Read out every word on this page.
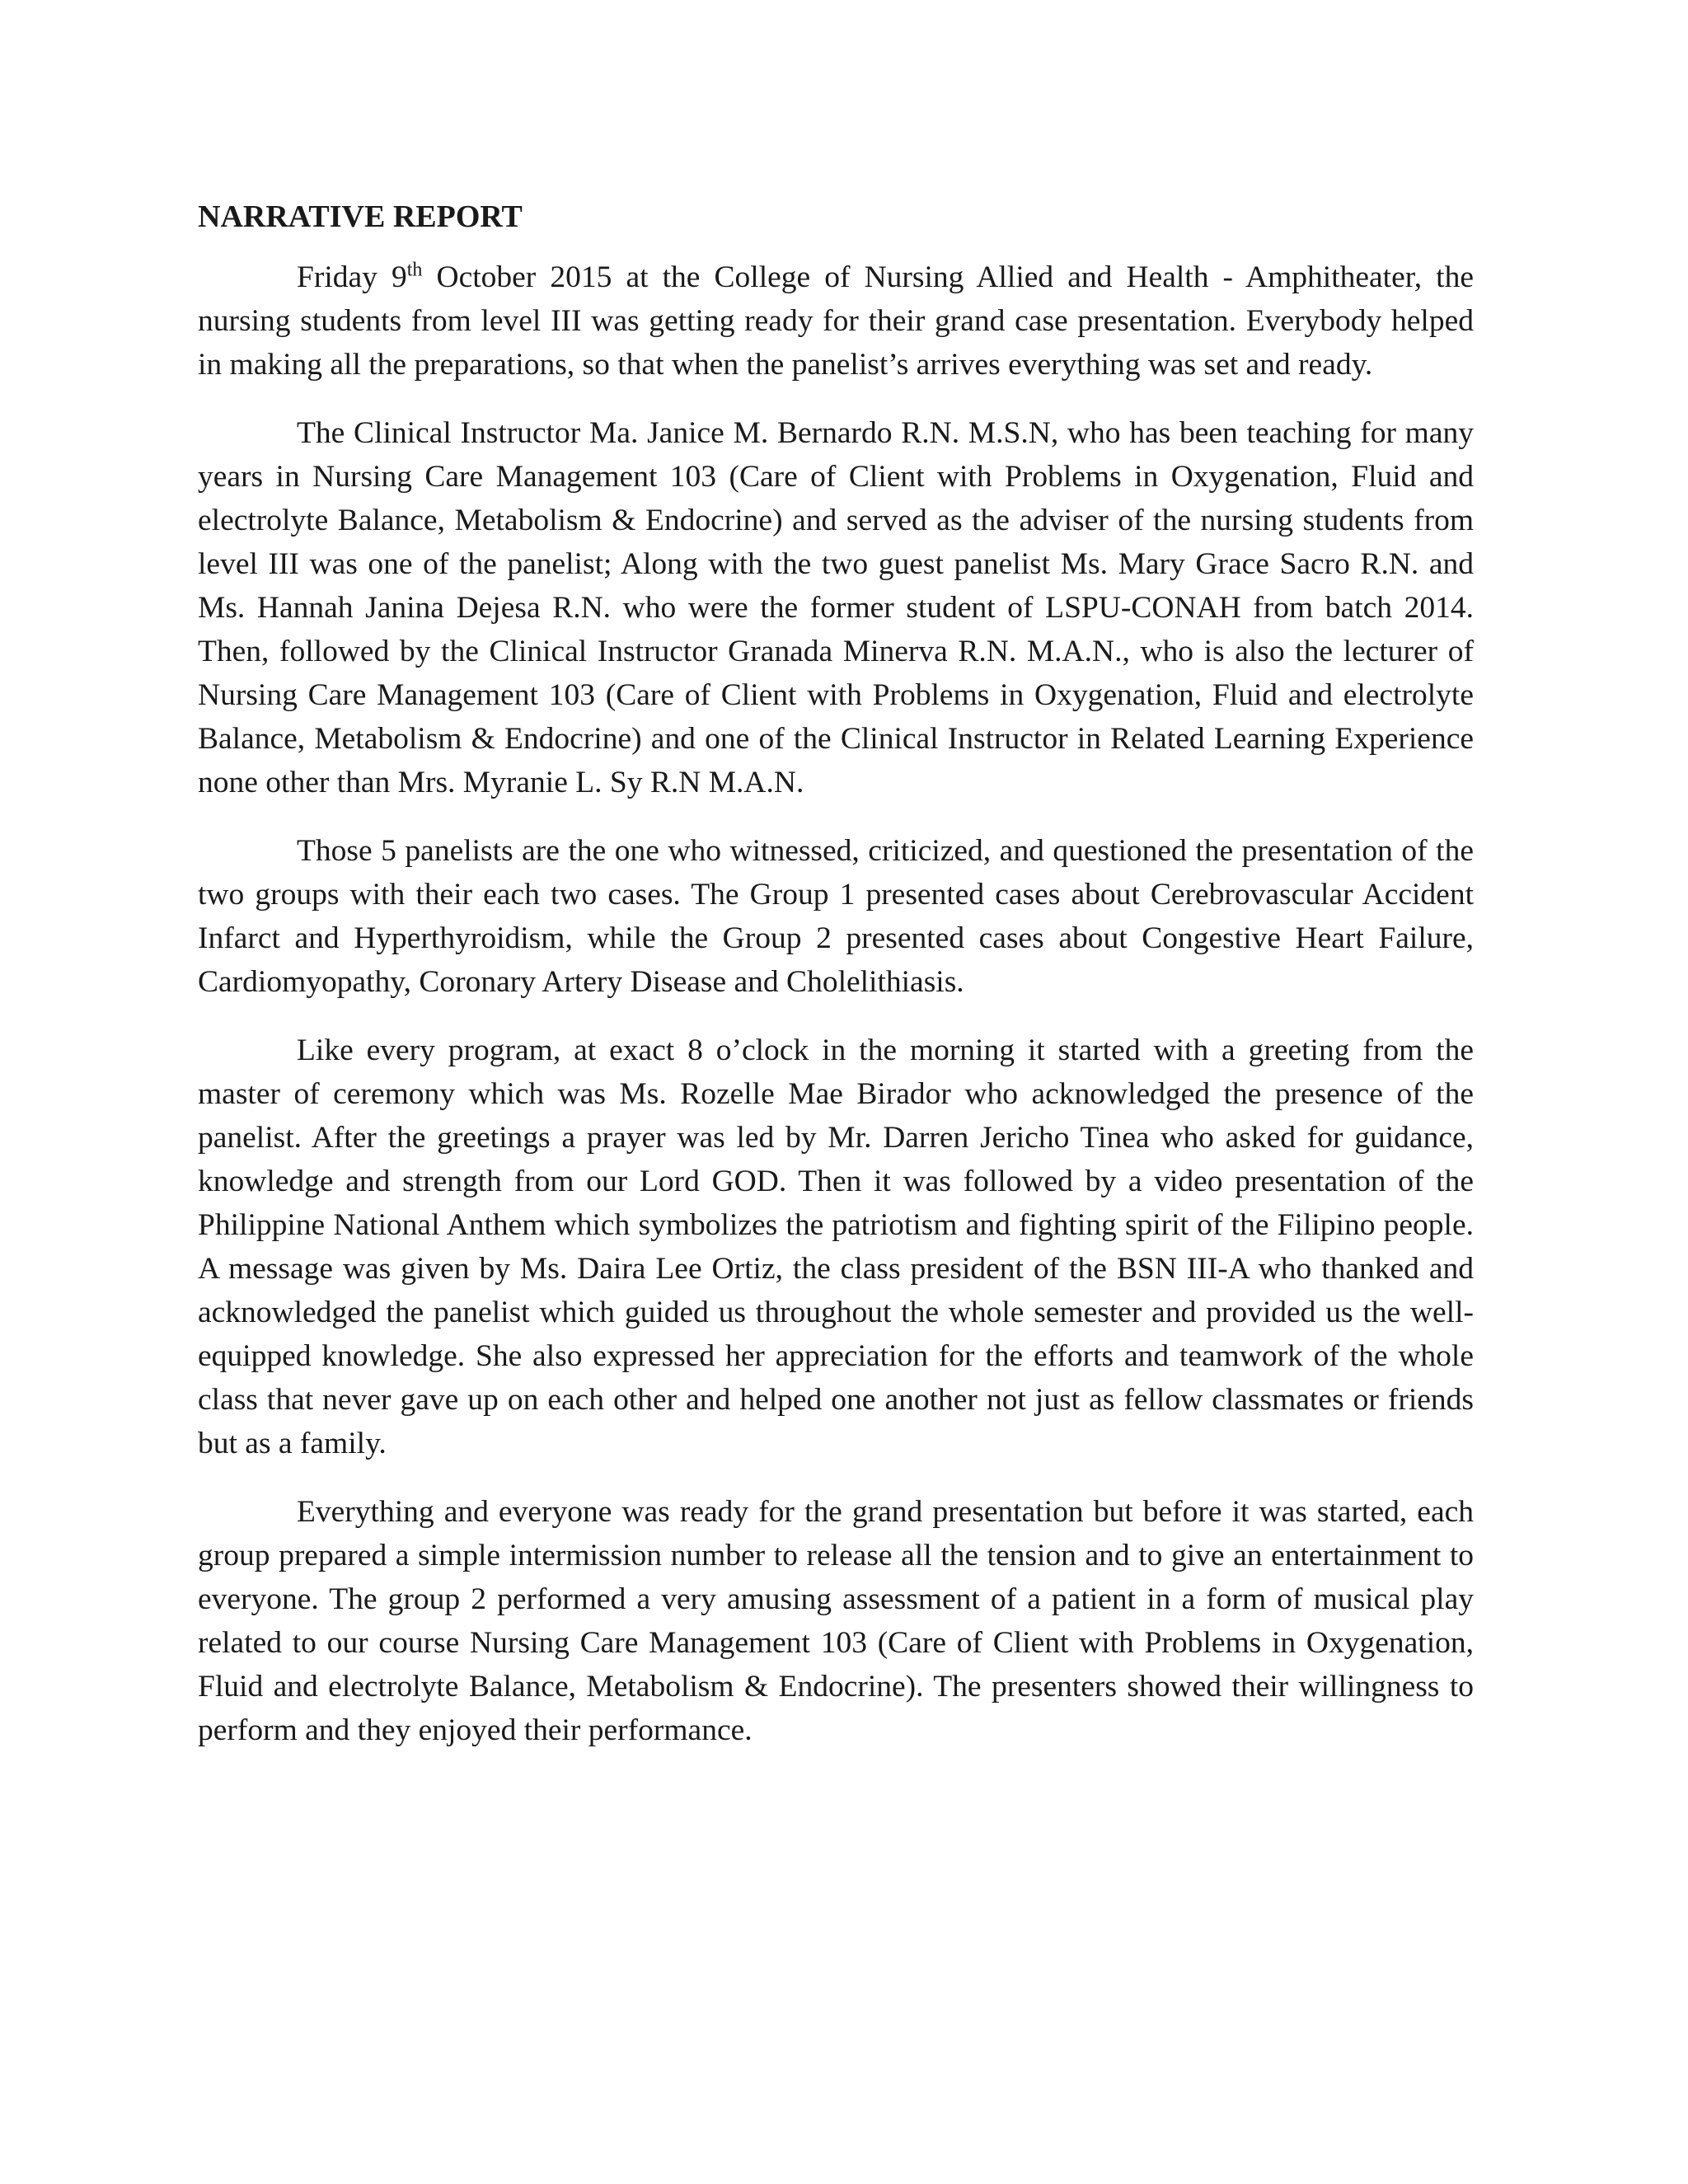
NARRATIVE REPORT

Friday 9th October 2015 at the College of Nursing Allied and Health - Amphitheater, the nursing students from level III was getting ready for their grand case presentation. Everybody helped in making all the preparations, so that when the panelist’s arrives everything was set and ready.

The Clinical Instructor Ma. Janice M. Bernardo R.N. M.S.N, who has been teaching for many years in Nursing Care Management 103 (Care of Client with Problems in Oxygenation, Fluid and electrolyte Balance, Metabolism & Endocrine) and served as the adviser of the nursing students from level III was one of the panelist; Along with the two guest panelist Ms. Mary Grace Sacro R.N. and Ms. Hannah Janina Dejesa R.N. who were the former student of LSPU-CONAH from batch 2014. Then, followed by the Clinical Instructor Granada Minerva R.N. M.A.N., who is also the lecturer of Nursing Care Management 103 (Care of Client with Problems in Oxygenation, Fluid and electrolyte Balance, Metabolism & Endocrine) and one of the Clinical Instructor in Related Learning Experience none other than Mrs. Myranie L. Sy R.N M.A.N.

Those 5 panelists are the one who witnessed, criticized, and questioned the presentation of the two groups with their each two cases. The Group 1 presented cases about Cerebrovascular Accident Infarct and Hyperthyroidism, while the Group 2 presented cases about Congestive Heart Failure, Cardiomyopathy, Coronary Artery Disease and Cholelithiasis.

Like every program, at exact 8 o’clock in the morning it started with a greeting from the master of ceremony which was Ms. Rozelle Mae Birador who acknowledged the presence of the panelist. After the greetings a prayer was led by Mr. Darren Jericho Tinea who asked for guidance, knowledge and strength from our Lord GOD. Then it was followed by a video presentation of the Philippine National Anthem which symbolizes the patriotism and fighting spirit of the Filipino people. A message was given by Ms. Daira Lee Ortiz, the class president of the BSN III-A who thanked and acknowledged the panelist which guided us throughout the whole semester and provided us the well-equipped knowledge. She also expressed her appreciation for the efforts and teamwork of the whole class that never gave up on each other and helped one another not just as fellow classmates or friends but as a family.

Everything and everyone was ready for the grand presentation but before it was started, each group prepared a simple intermission number to release all the tension and to give an entertainment to everyone. The group 2 performed a very amusing assessment of a patient in a form of musical play related to our course Nursing Care Management 103 (Care of Client with Problems in Oxygenation, Fluid and electrolyte Balance, Metabolism & Endocrine). The presenters showed their willingness to perform and they enjoyed their performance.
